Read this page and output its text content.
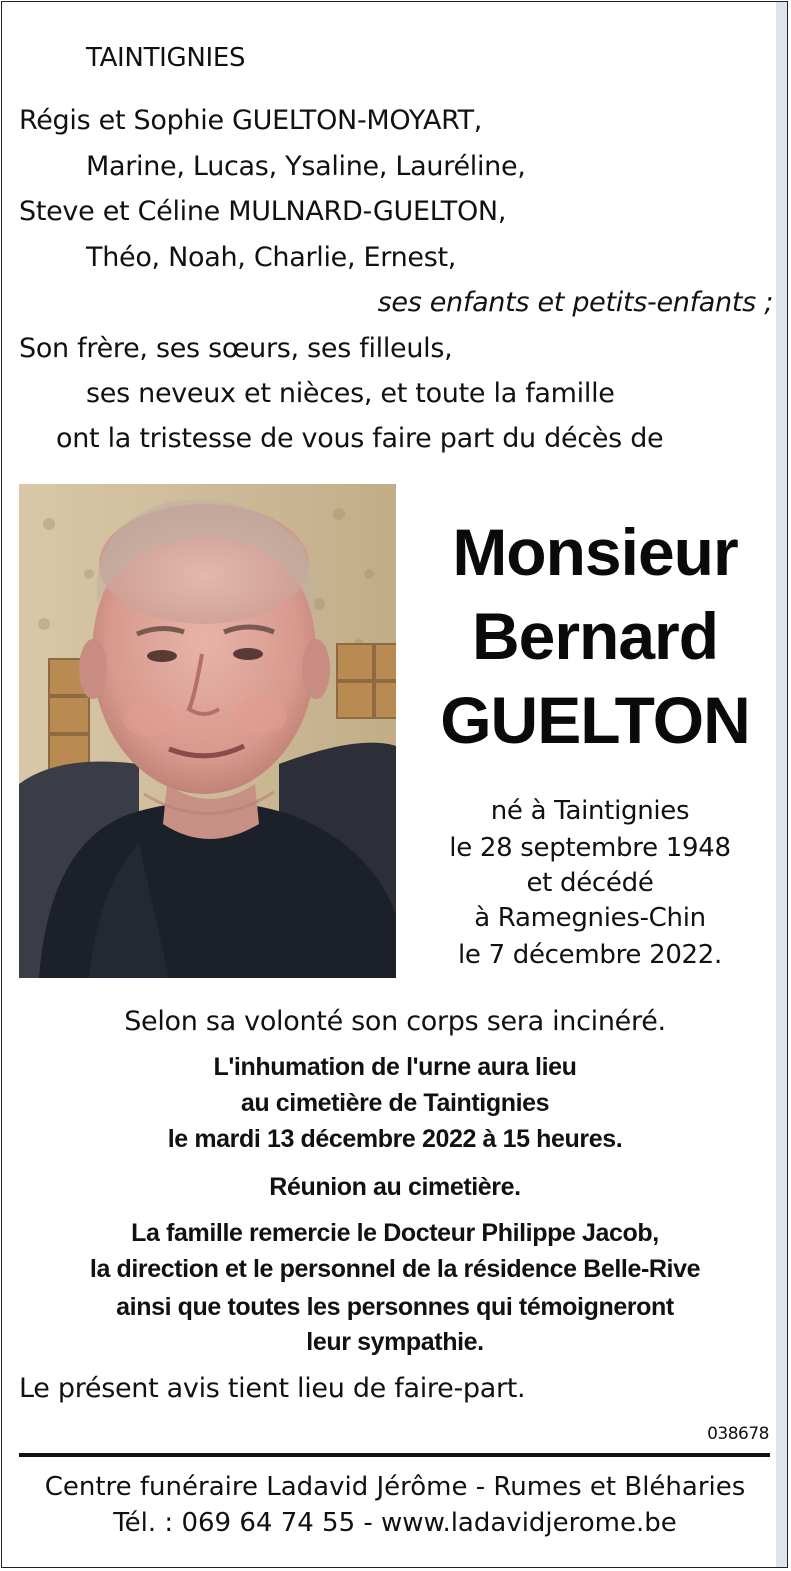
TAINTIGNIES
Régis et Sophie GUELTON-MOYART,
Marine, Lucas, Ysaline, Lauréline,
Steve et Céline MULNARD-GUELTON,
Théo, Noah, Charlie, Ernest,
ses enfants et petits-enfants ;
Son frère, ses sœurs, ses filleuls,
ses neveux et nièces, et toute la famille
ont la tristesse de vous faire part du décès de
Monsieur
Bernard
GUELTON
né à Taintignies
le 28 septembre 1948
et décédé
à Ramegnies-Chin
le 7 décembre 2022.
Selon sa volonté son corps sera incinéré.
L'inhumation de l'urne aura lieu
au cimetière de Taintignies
le mardi 13 décembre 2022 à 15 heures.
Réunion au cimetière.
La famille remercie le Docteur Philippe Jacob,
la direction et le personnel de la résidence Belle-Rive
ainsi que toutes les personnes qui témoigneront
leur sympathie.
Le présent avis tient lieu de faire-part.
038678
Centre funéraire Ladavid Jérôme - Rumes et Bléharies
Tél. : 069 64 74 55 - www.ladavidjerome.be
